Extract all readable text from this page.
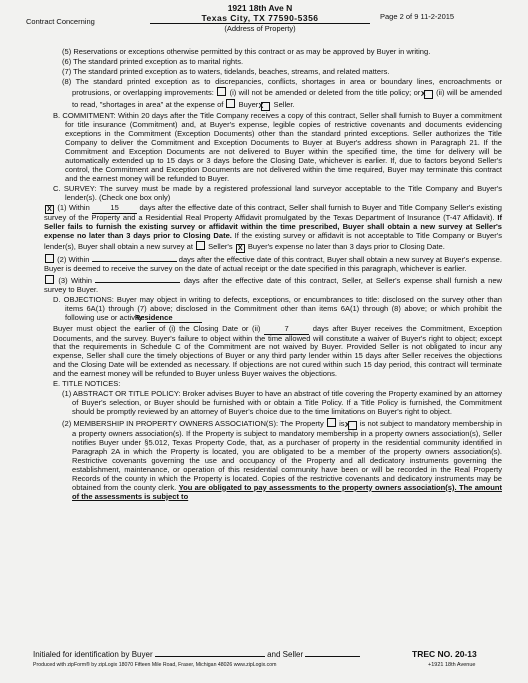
1921 18th Ave N
Texas City, TX 77590-5356
(Address of Property)
Contract Concerning
Page 2 of 9 11-2-2015

(5) Reservations or exceptions otherwise permitted by this contract or as may be approved by Buyer in writing.

(6) The standard printed exception as to marital rights.

(7) The standard printed exception as to waters, tidelands, beaches, streams, and related matters.

(8) The standard printed exception as to discrepancies, conflicts, shortages in area or boundary lines, encroachments or protrusions, or overlapping improvements: (i) will not be amended or deleted from the title policy; or X (ii) will be amended to read, "shortages in area" at the expense of Buyer X Seller.

B. COMMITMENT: Within 20 days after the Title Company receives a copy of this contract, Seller shall furnish to Buyer a commitment for title insurance (Commitment) and, at Buyer's expense, legible copies of restrictive covenants and documents evidencing exceptions in the Commitment (Exception Documents) other than the standard printed exceptions. Seller authorizes the Title Company to deliver the Commitment and Exception Documents to Buyer at Buyer's address shown in Paragraph 21. If the Commitment and Exception Documents are not delivered to Buyer within the specified time, the time for delivery will be automatically extended up to 15 days or 3 days before the Closing Date, whichever is earlier. If, due to factors beyond Seller's control, the Commitment and Exception Documents are not delivered within the time required, Buyer may terminate this contract and the earnest money will be refunded to Buyer.

C. SURVEY: The survey must be made by a registered professional land surveyor acceptable to the Title Company and Buyer's lender(s). (Check one box only)

X (1) Within	15	days after the effective date of this contract, Seller shall furnish to Buyer and Title Company Seller's existing survey of the Property and a Residential Real Property Affidavit promulgated by the Texas Department of Insurance (T-47 Affidavit). If Seller fails to furnish the existing survey or affidavit within the time prescribed, Buyer shall obtain a new survey at Seller's expense no later than 3 days prior to Closing Date. If the existing survey or affidavit is not acceptable to Title Company or Buyer's lender(s), Buyer shall obtain a new survey at Seller's X Buyer's expense no later than 3 days prior to Closing Date.

(2) Within	days after the effective date of this contract, Buyer shall obtain a new survey at Buyer's expense. Buyer is deemed to receive the survey on the date of actual receipt or the date specified in this paragraph, whichever is earlier.

(3) Within	days after the effective date of this contract, Seller, at Seller's expense shall furnish a new survey to Buyer.

D. OBJECTIONS: Buyer may object in writing to defects, exceptions, or encumbrances to title: disclosed on the survey other than items 6A(1) through (7) above; disclosed in the Commitment other than items 6A(1) through (8) above; or which prohibit the following use or activity: Residence

Buyer must object the earlier of (i) the Closing Date or (ii)	7	days after Buyer receives the Commitment, Exception Documents, and the survey. Buyer's failure to object within the time allowed will constitute a waiver of Buyer's right to object; except that the requirements in Schedule C of the Commitment are not waived by Buyer. Provided Seller is not obligated to incur any expense, Seller shall cure the timely objections of Buyer or any third party lender within 15 days after Seller receives the objections and the Closing Date will be extended as necessary. If objections are not cured within such 15 day period, this contract will terminate and the earnest money will be refunded to Buyer unless Buyer waives the objections.

E. TITLE NOTICES:

(1) ABSTRACT OR TITLE POLICY: Broker advises Buyer to have an abstract of title covering the Property examined by an attorney of Buyer's selection, or Buyer should be furnished with or obtain a Title Policy. If a Title Policy is furnished, the Commitment should be promptly reviewed by an attorney of Buyer's choice due to the time limitations on Buyer's right to object.

(2) MEMBERSHIP IN PROPERTY OWNERS ASSOCIATION(S): The Property is X is not subject to mandatory membership in a property owners association(s). If the Property is subject to mandatory membership in a property owners association(s), Seller notifies Buyer under §5.012, Texas Property Code, that, as a purchaser of property in the residential community identified in Paragraph 2A in which the Property is located, you are obligated to be a member of the property owners association(s). Restrictive covenants governing the use and occupancy of the Property and all dedicatory instruments governing the establishment, maintenance, or operation of this residential community have been or will be recorded in the Real Property Records of the county in which the Property is located. Copies of the restrictive covenants and dedicatory instruments may be obtained from the county clerk. You are obligated to pay assessments to the property owners association(s). The amount of the assessments is subject to

Initialed for identification by Buyer	and Seller	TREC NO. 20-13
Produced with zipForm® by zipLogix 18070 Fifteen Mile Road, Fraser, Michigan 48026 www.zipLogix.com	+1921 18th Avenue
